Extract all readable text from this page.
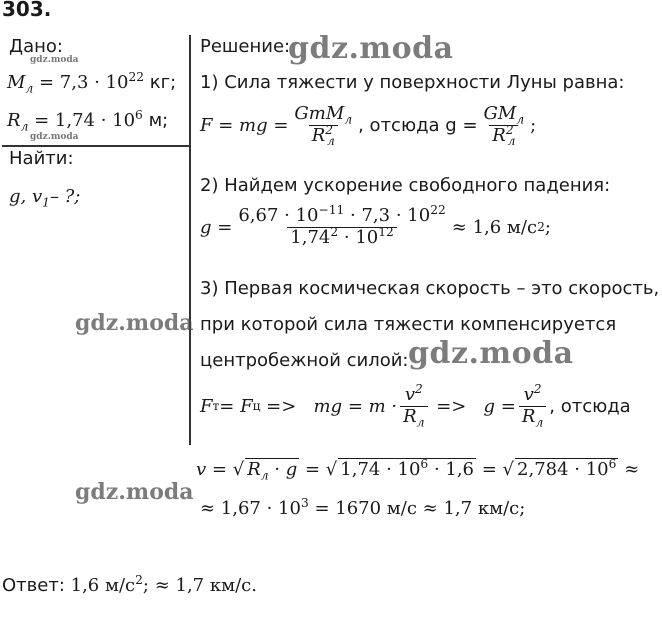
303.
Дано:
$M_л = 7,3 \cdot 10^{22}$ кг;
$R_л = 1,74 \cdot 10^6$ м;
Найти:
g, $v_1-$ ?;
Решение:
1) Сила тяжести у поверхности Луны равна:
F = mg = $\frac{GmM_л}{R^2_л}$ , отсюда $g = \frac{GM_л}{R^2_л}$ ;
2) Найдем ускорение свободного падения:
$g = \frac{6,67 \cdot 10^{-11} \cdot 7,3 \cdot 10^{22}}{1,74^2 \cdot 10^{12}} \approx 1,6$ м/с 2 ;
3) Первая космическая скорость – это скорость,
при которой сила тяжести компенсируется
центробежной силой:
F т = F ц =>   mg = $m \cdot \frac{v^2}{R_л} => g = \frac{v^2}{R_л}$ , отсюда
v = √ $R_л \cdot g$ = √ $1,74 \cdot 10^6 \cdot 1,6$ = √ $2,784 \cdot 10^6$ ≈
≈ $1,67 \cdot 10^3 = 1670$ м/с ≈ 1,7 км/с;
Ответ: 1,6 $м/с^2$; ≈ 1,7 км/с.
gdz.moda
gdz.moda
gdz.moda
gdz.moda
gdz.moda
gdz.moda
